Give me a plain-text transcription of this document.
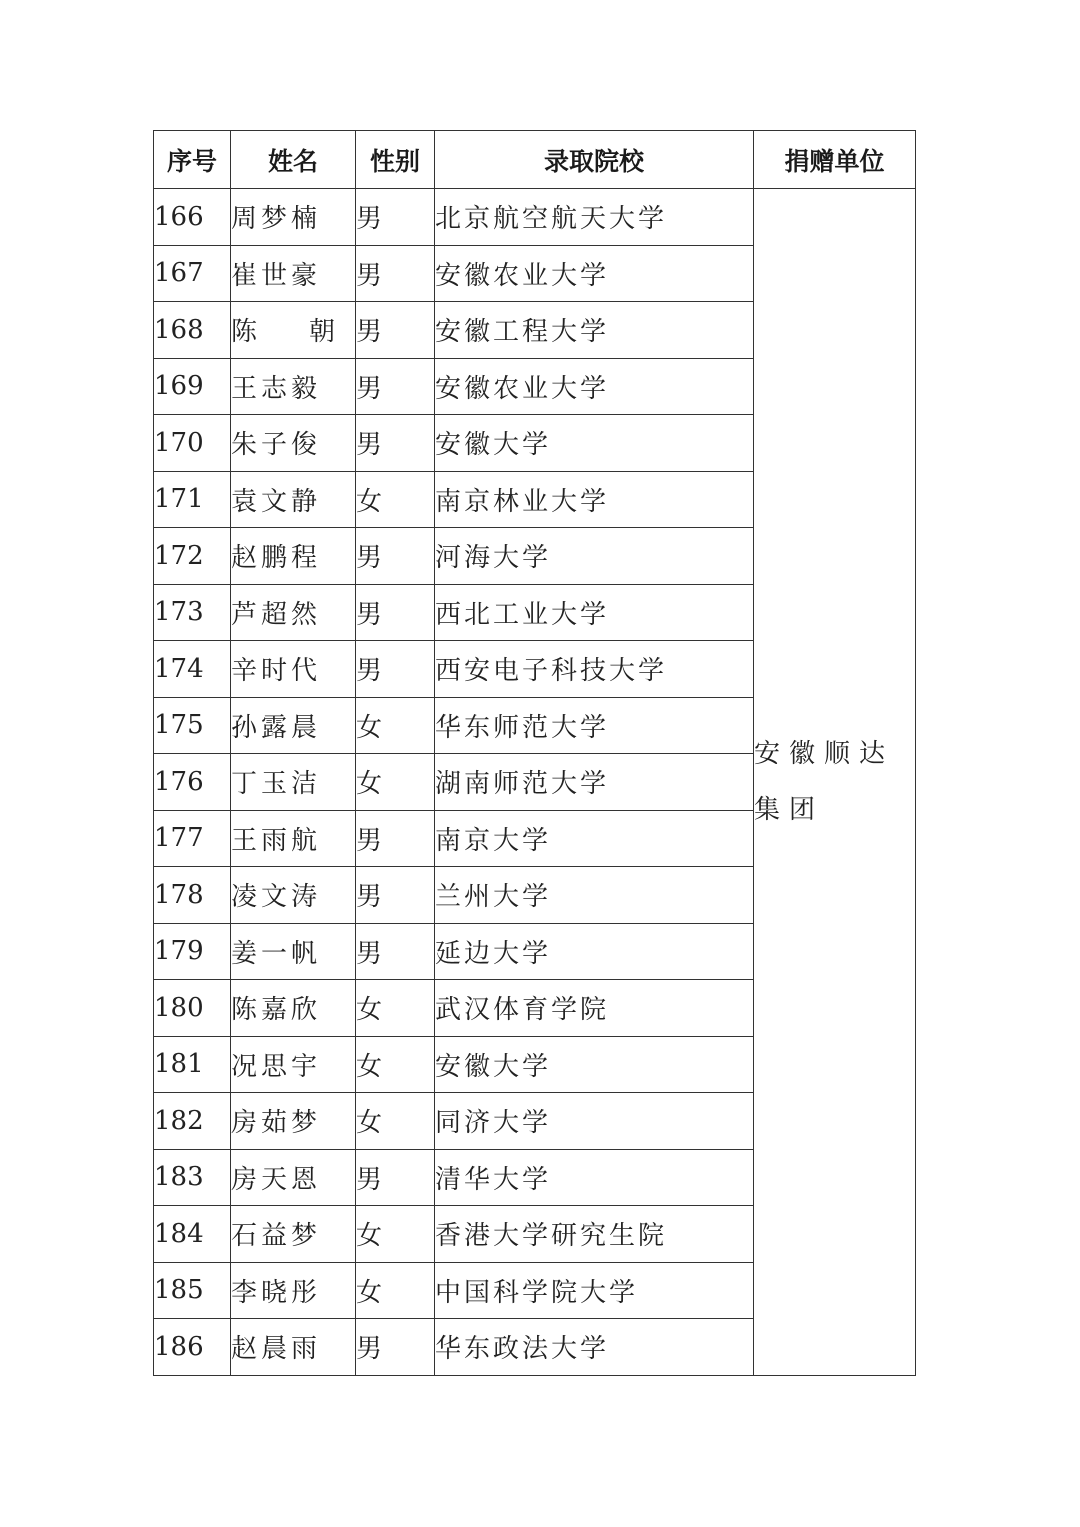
序号	姓名	性别	录取院校	捐赠单位
166	周梦楠	男	北京航空航天大学	安徽顺达
集团

167	崔世豪	男	安徽农业大学	
168	陈　　朝	男	安徽工程大学	
169	王志毅	男	安徽农业大学	
170	朱子俊	男	安徽大学	
171	袁文静	女	南京林业大学	
172	赵鹏程	男	河海大学	
173	芦超然	男	西北工业大学	
174	辛时代	男	西安电子科技大学	
175	孙露晨	女	华东师范大学	
176	丁玉洁	女	湖南师范大学	
177	王雨航	男	南京大学	
178	凌文涛	男	兰州大学	
179	姜一帆	男	延边大学	
180	陈嘉欣	女	武汉体育学院	
181	况思宇	女	安徽大学	
182	房茹梦	女	同济大学	
183	房天恩	男	清华大学	
184	石益梦	女	香港大学研究生院	
185	李晓彤	女	中国科学院大学	
186	赵晨雨	男	华东政法大学	
